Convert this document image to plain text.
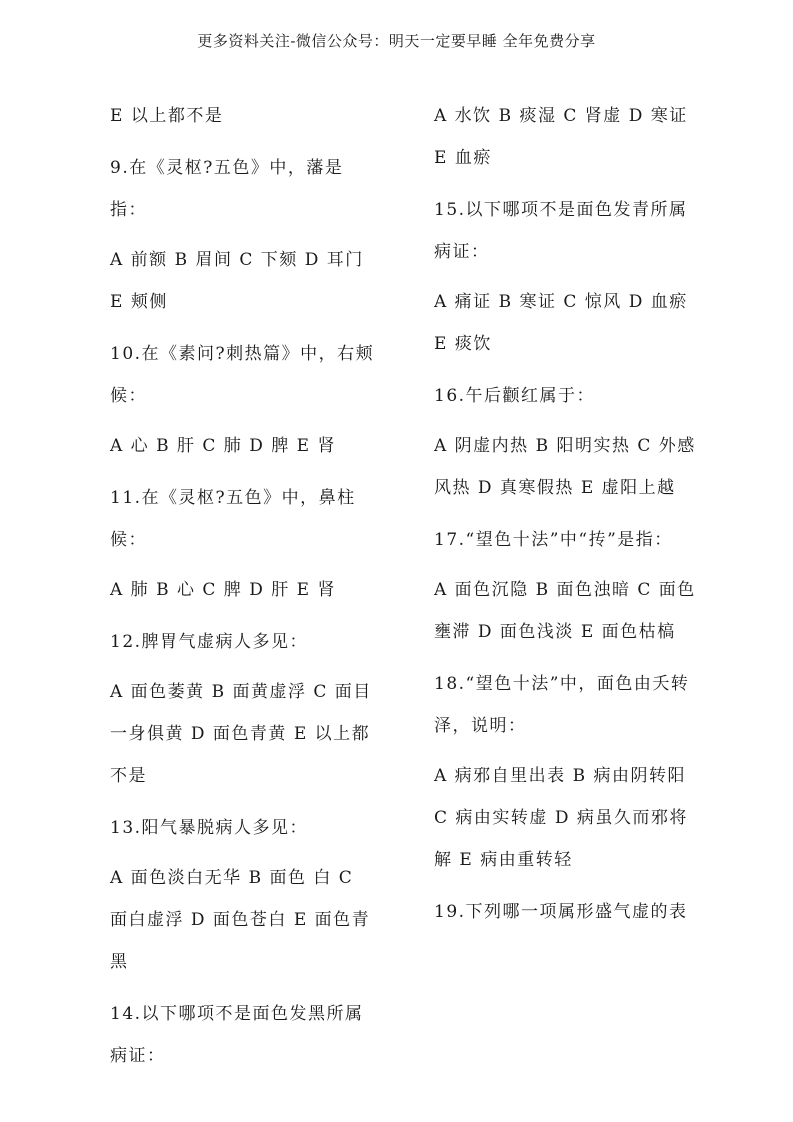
更多资料关注-微信公众号：明天一定要早睡 全年免费分享
E 以上都不是
9.在《灵枢?五色》中，藩是指：
A 前额 B 眉间 C 下颏 D 耳门 E 颊侧
10.在《素问?刺热篇》中，右颊候：
A 心 B 肝 C 肺 D 脾 E 肾
11.在《灵枢?五色》中，鼻柱候：
A 肺 B 心 C 脾 D 肝 E 肾
12.脾胃气虚病人多见：
A 面色萎黄 B 面黄虚浮 C 面目一身俱黄 D 面色青黄 E 以上都不是
13.阳气暴脱病人多见：
A 面色淡白无华 B 面色 白 C 面白虚浮 D 面色苍白 E 面色青黑
14.以下哪项不是面色发黑所属病证：
A 水饮 B 痰湿 C 肾虚 D 寒证 E 血瘀
15.以下哪项不是面色发青所属病证：
A 痛证 B 寒证 C 惊风 D 血瘀 E 痰饮
16.午后颧红属于：
A 阴虚内热 B 阳明实热 C 外感风热 D 真寒假热 E 虚阳上越
17.“望色十法”中“抟”是指：
A 面色沉隐 B 面色浊暗 C 面色壅滞 D 面色浅淡 E 面色枯槁
18.“望色十法”中，面色由夭转泽，说明：
A 病邪自里出表 B 病由阴转阳 C 病由实转虚 D 病虽久而邪将解 E 病由重转轻
19.下列哪一项属形盛气虚的表
